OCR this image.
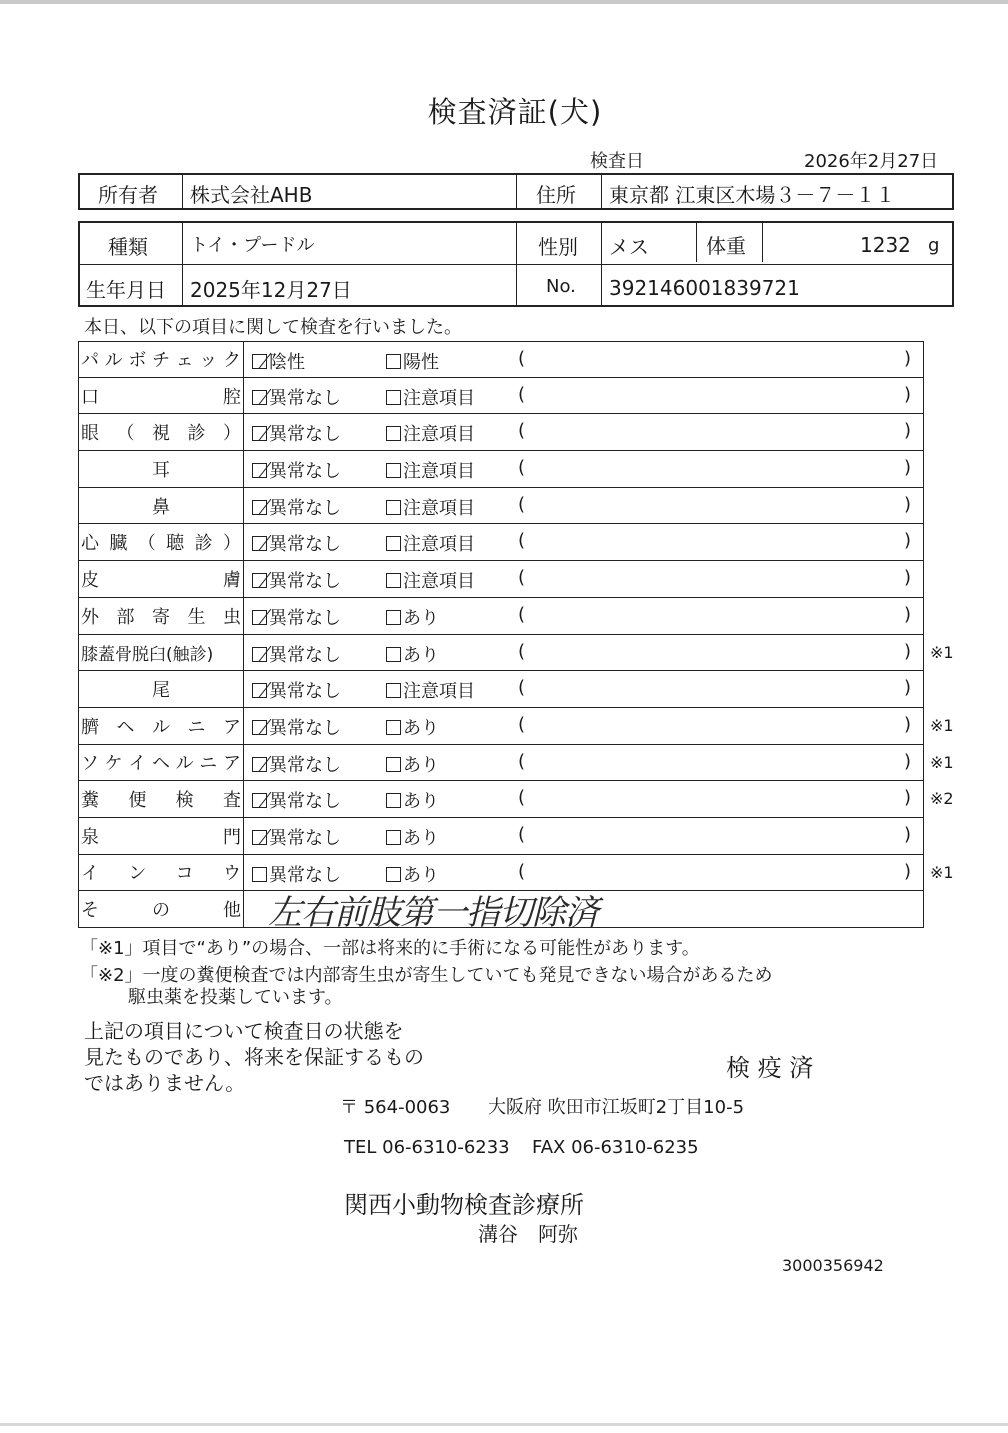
検査済証(犬)
検査日	2026年2月27日
所有者 株式会社AHB	住所 東京都 江東区木場３－７－１１
種類 トイ・プードル	性別 メス	体重	1232 g
生年月日 2025年12月27日	No. 392146001839721
本日、以下の項目に関して検査を行いました。
パ ル ボ チ ェ ッ ク	陰性	陽性	(	)
口	腔	異常なし	注意項目 (	)
眼 （ 視 診 ）	異常なし	注意項目 (	)
耳	異常なし	注意項目 (	)
鼻	異常なし	注意項目 (	)
心 臓 （ 聴 診 ）	異常なし	注意項目 (	)
皮	膚	異常なし	注意項目 (	)
外 部 寄 生 虫	異常なし	あり	(	)
膝蓋骨脱臼(触診)	異常なし	あり	(	) ※1
尾	異常なし	注意項目 (	)
臍 ヘ ル ニ ア	異常なし	あり	(	) ※1
ソ ケ イ ヘ ル ニ ア	異常なし	あり	(	) ※1
糞 便 検 査	異常なし	あり	(	) ※2
泉	門	異常なし	あり	(	)
イ ン コ ウ	異常なし	あり	(	) ※1
そ	の	他 左右前肢第一指切除済
「※1」項目で“あり”の場合、一部は将来的に手術になる可能性があります。
「※2」一度の糞便検査では内部寄生虫が寄生していても発見できない場合があるため
駆虫薬を投薬しています。
上記の項目について検査日の状態を
見たものであり、将来を保証するもの
ではありません。
検 疫 済
〒 564-0063 大阪府 吹田市江坂町2丁目10-5
TEL 06-6310-6233 FAX 06-6310-6235
関西小動物検査診療所
溝谷　阿弥
3000356942
